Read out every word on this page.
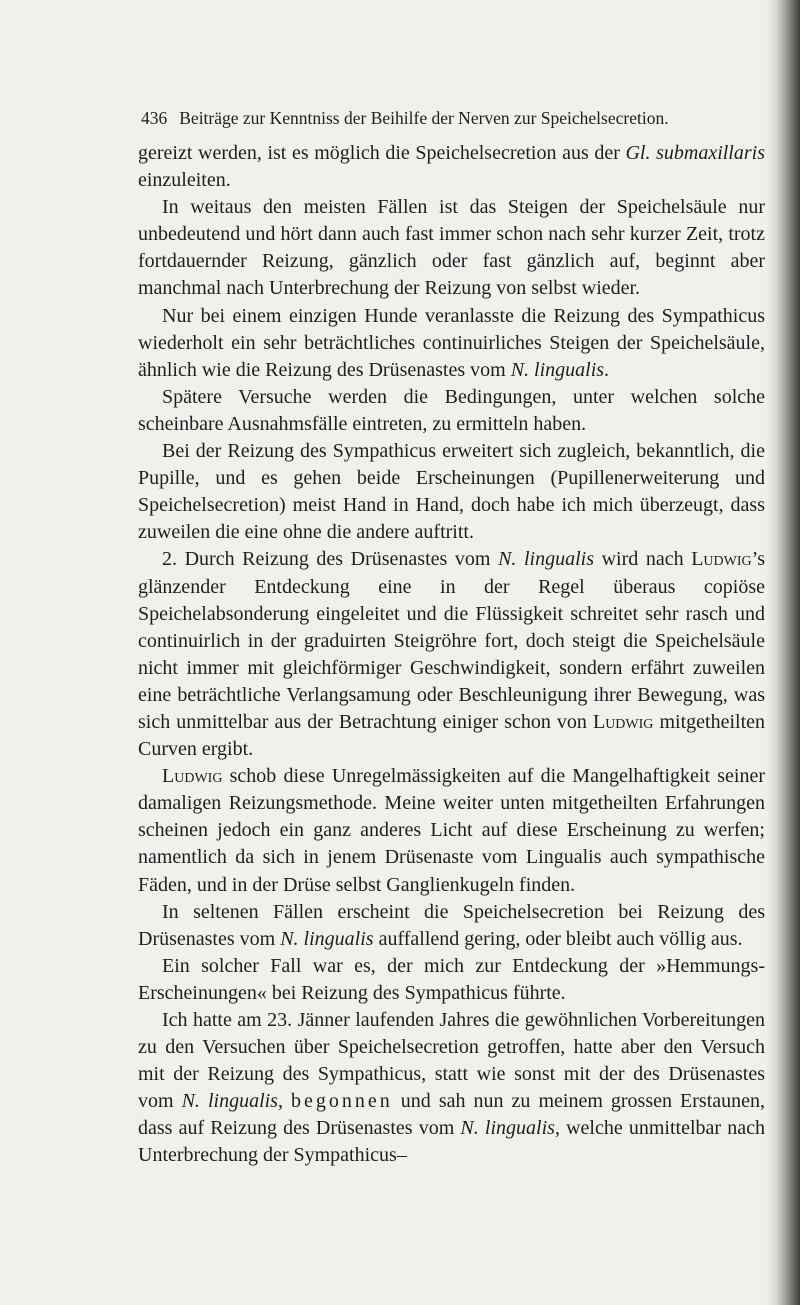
436 Beiträge zur Kenntniss der Beihilfe der Nerven zur Speichelsecretion.

gereizt werden, ist es möglich die Speichelsecretion aus der Gl. submaxillaris einzuleiten.

In weitaus den meisten Fällen ist das Steigen der Speichelsäule nur unbedeutend und hört dann auch fast immer schon nach sehr kurzer Zeit, trotz fortdauernder Reizung, gänzlich oder fast gänzlich auf, beginnt aber manchmal nach Unterbrechung der Reizung von selbst wieder.

Nur bei einem einzigen Hunde veranlasste die Reizung des Sympathicus wiederholt ein sehr beträchtliches continuirliches Steigen der Speichelsäule, ähnlich wie die Reizung des Drüsenastes vom N. lingualis.

Spätere Versuche werden die Bedingungen, unter welchen solche scheinbare Ausnahmsfälle eintreten, zu ermitteln haben.

Bei der Reizung des Sympathicus erweitert sich zugleich, bekanntlich, die Pupille, und es gehen beide Erscheinungen (Pupillenerweiterung und Speichelsecretion) meist Hand in Hand, doch habe ich mich überzeugt, dass zuweilen die eine ohne die andere auftritt.

2. Durch Reizung des Drüsenastes vom N. lingualis wird nach Ludwig’s glänzender Entdeckung eine in der Regel überaus copiöse Speichelabsonderung eingeleitet und die Flüssigkeit schreitet sehr rasch und continuirlich in der graduirten Steigröhre fort, doch steigt die Speichelsäule nicht immer mit gleichförmiger Geschwindigkeit, sondern erfährt zuweilen eine beträchtliche Verlangsamung oder Beschleunigung ihrer Bewegung, was sich unmittelbar aus der Betrachtung einiger schon von Ludwig mitgetheilten Curven ergibt.

Ludwig schob diese Unregelmässigkeiten auf die Mangelhaftigkeit seiner damaligen Reizungsmethode. Meine weiter unten mitgetheilten Erfahrungen scheinen jedoch ein ganz anderes Licht auf diese Erscheinung zu werfen; namentlich da sich in jenem Drüsenaste vom Lingualis auch sympathische Fäden, und in der Drüse selbst Ganglienkugeln finden.

In seltenen Fällen erscheint die Speichelsecretion bei Reizung des Drüsenastes vom N. lingualis auffallend gering, oder bleibt auch völlig aus.

Ein solcher Fall war es, der mich zur Entdeckung der »Hemmungs-Erscheinungen« bei Reizung des Sympathicus führte.

Ich hatte am 23. Jänner laufenden Jahres die gewöhnlichen Vorbereitungen zu den Versuchen über Speichelsecretion getroffen, hatte aber den Versuch mit der Reizung des Sympathicus, statt wie sonst mit der des Drüsenastes vom N. lingualis, begonnen und sah nun zu meinem grossen Erstaunen, dass auf Reizung des Drüsenastes vom N. lingualis, welche unmittelbar nach Unterbrechung der Sympathicus–
